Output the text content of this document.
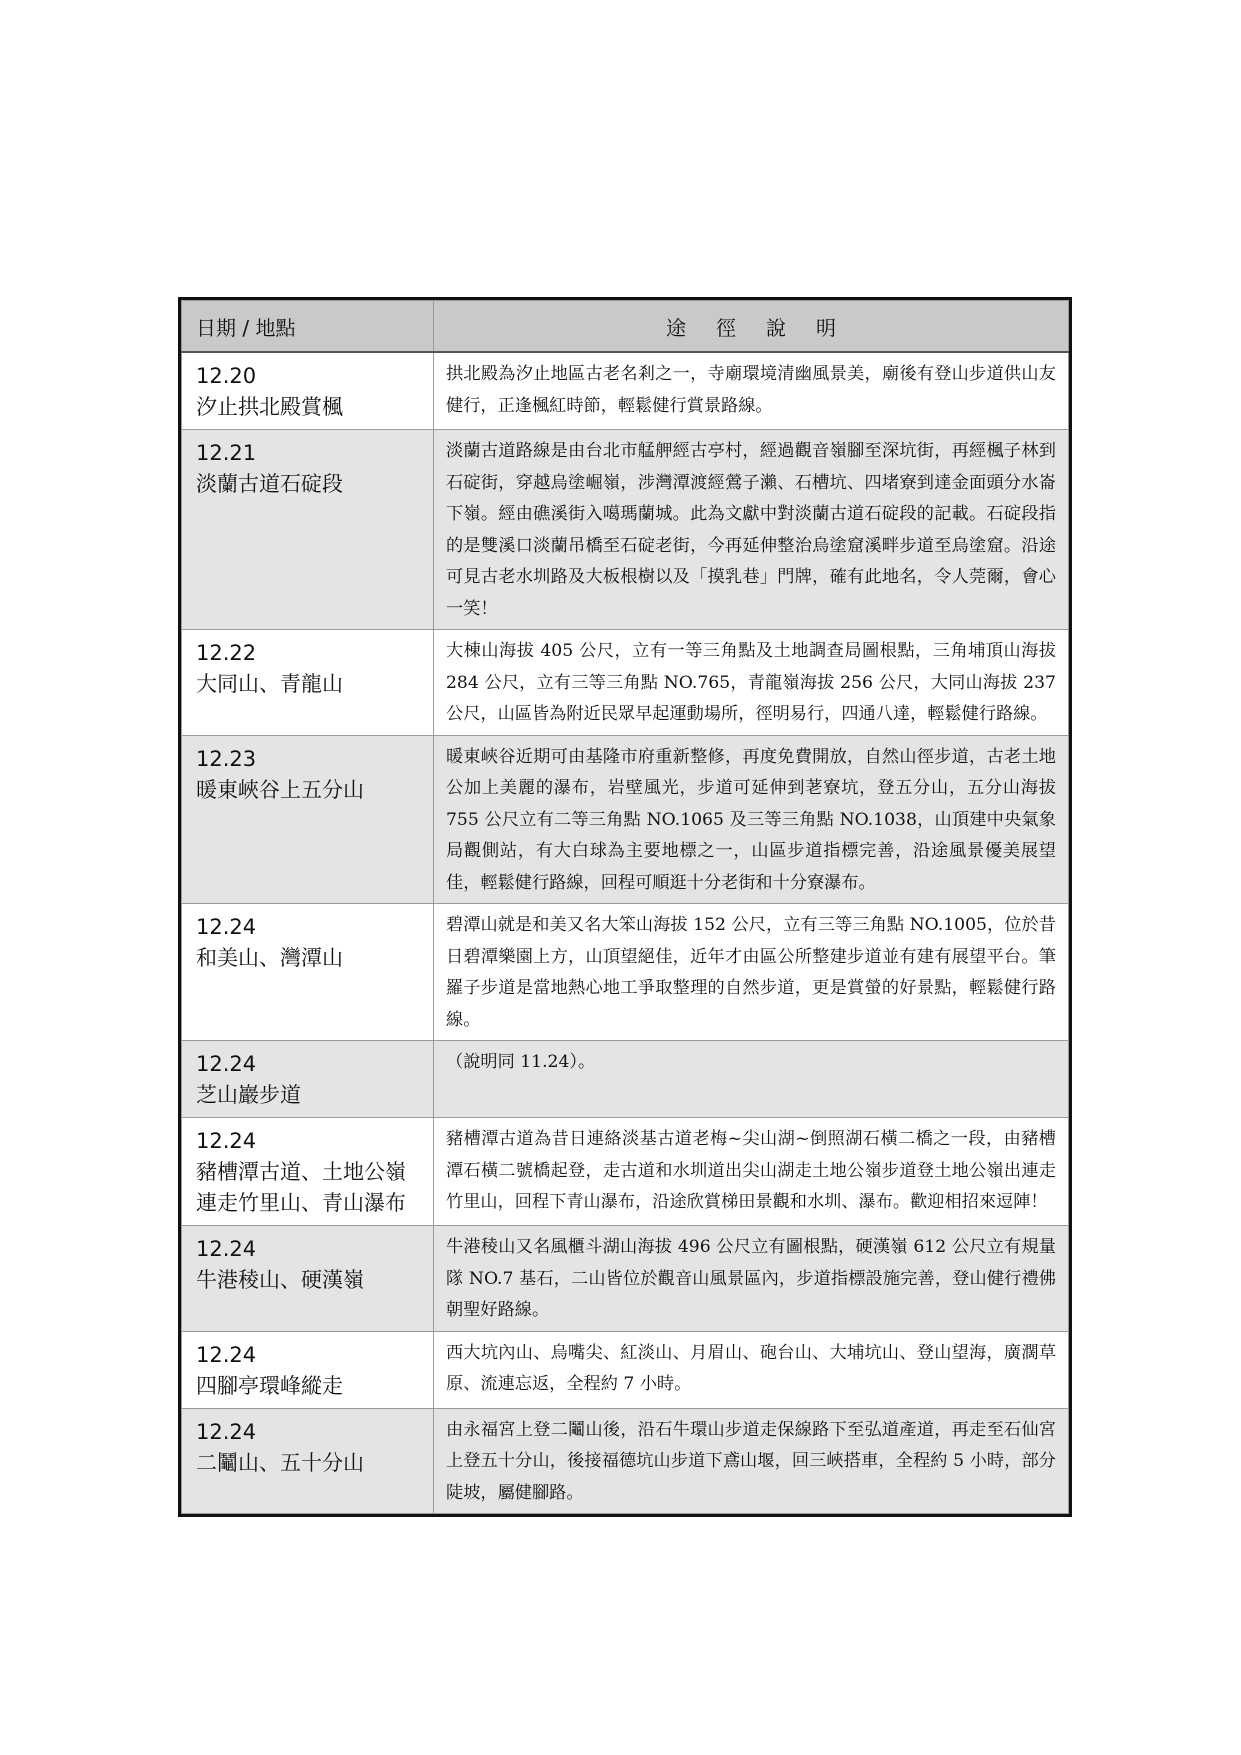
日期 / 地點	途徑說明

12.20
汐止拱北殿賞楓	拱北殿為汐止地區古老名剎之一，寺廟環境清幽風景美，廟後有登山步道供山友健行，正逢楓紅時節，輕鬆健行賞景路線。

12.21
淡蘭古道石碇段	淡蘭古道路線是由台北市艋舺經古亭村，經過觀音嶺腳至深坑街，再經楓子林到石碇街，穿越烏塗崛嶺，涉灣潭渡經鶯子瀨、石槽坑、四堵寮到達金面頭分水崙下嶺。經由礁溪街入噶瑪蘭城。此為文獻中對淡蘭古道石碇段的記載。石碇段指的是雙溪口淡蘭吊橋至石碇老街，今再延伸整治烏塗窟溪畔步道至烏塗窟。沿途可見古老水圳路及大板根樹以及「摸乳巷」門牌，確有此地名，令人莞爾，會心一笑！

12.22
大同山、青龍山	大棟山海拔 405 公尺，立有一等三角點及土地調查局圖根點，三角埔頂山海拔 284 公尺，立有三等三角點 NO.765，青龍嶺海拔 256 公尺，大同山海拔 237 公尺，山區皆為附近民眾早起運動場所，徑明易行，四通八達，輕鬆健行路線。

12.23
暖東峽谷上五分山	暖東峽谷近期可由基隆市府重新整修，再度免費開放，自然山徑步道，古老土地公加上美麗的瀑布，岩壁風光，步道可延伸到荖寮坑，登五分山，五分山海拔 755 公尺立有二等三角點 NO.1065 及三等三角點 NO.1038，山頂建中央氣象局觀側站，有大白球為主要地標之一，山區步道指標完善，沿途風景優美展望佳，輕鬆健行路線，回程可順逛十分老街和十分寮瀑布。

12.24
和美山、灣潭山	碧潭山就是和美又名大笨山海拔 152 公尺，立有三等三角點 NO.1005，位於昔日碧潭樂園上方，山頂望絕佳，近年才由區公所整建步道並有建有展望平台。筆羅子步道是當地熱心地工爭取整理的自然步道，更是賞螢的好景點，輕鬆健行路線。

12.24
芝山巖步道	（說明同 11.24）。

12.24
豬槽潭古道、土地公嶺連走竹里山、青山瀑布	豬槽潭古道為昔日連絡淡基古道老梅~尖山湖~倒照湖石橫二橋之一段，由豬槽潭石橫二號橋起登，走古道和水圳道出尖山湖走土地公嶺步道登土地公嶺出連走竹里山，回程下青山瀑布，沿途欣賞梯田景觀和水圳、瀑布。歡迎相招來逗陣！

12.24
牛港稜山、硬漢嶺	牛港稜山又名風櫃斗湖山海拔 496 公尺立有圖根點，硬漢嶺 612 公尺立有規量隊 NO.7 基石，二山皆位於觀音山風景區內，步道指標設施完善，登山健行禮佛朝聖好路線。

12.24
四腳亭環峰縱走	西大坑內山、烏嘴尖、紅淡山、月眉山、砲台山、大埔坑山、登山望海，廣濶草原、流連忘返，全程約 7 小時。

12.24
二鬮山、五十分山	由永福宮上登二鬮山後，沿石牛環山步道走保線路下至弘道產道，再走至石仙宮上登五十分山，後接福德坑山步道下鳶山堰，回三峽搭車，全程約 5 小時，部分陡坡，屬健腳路。
